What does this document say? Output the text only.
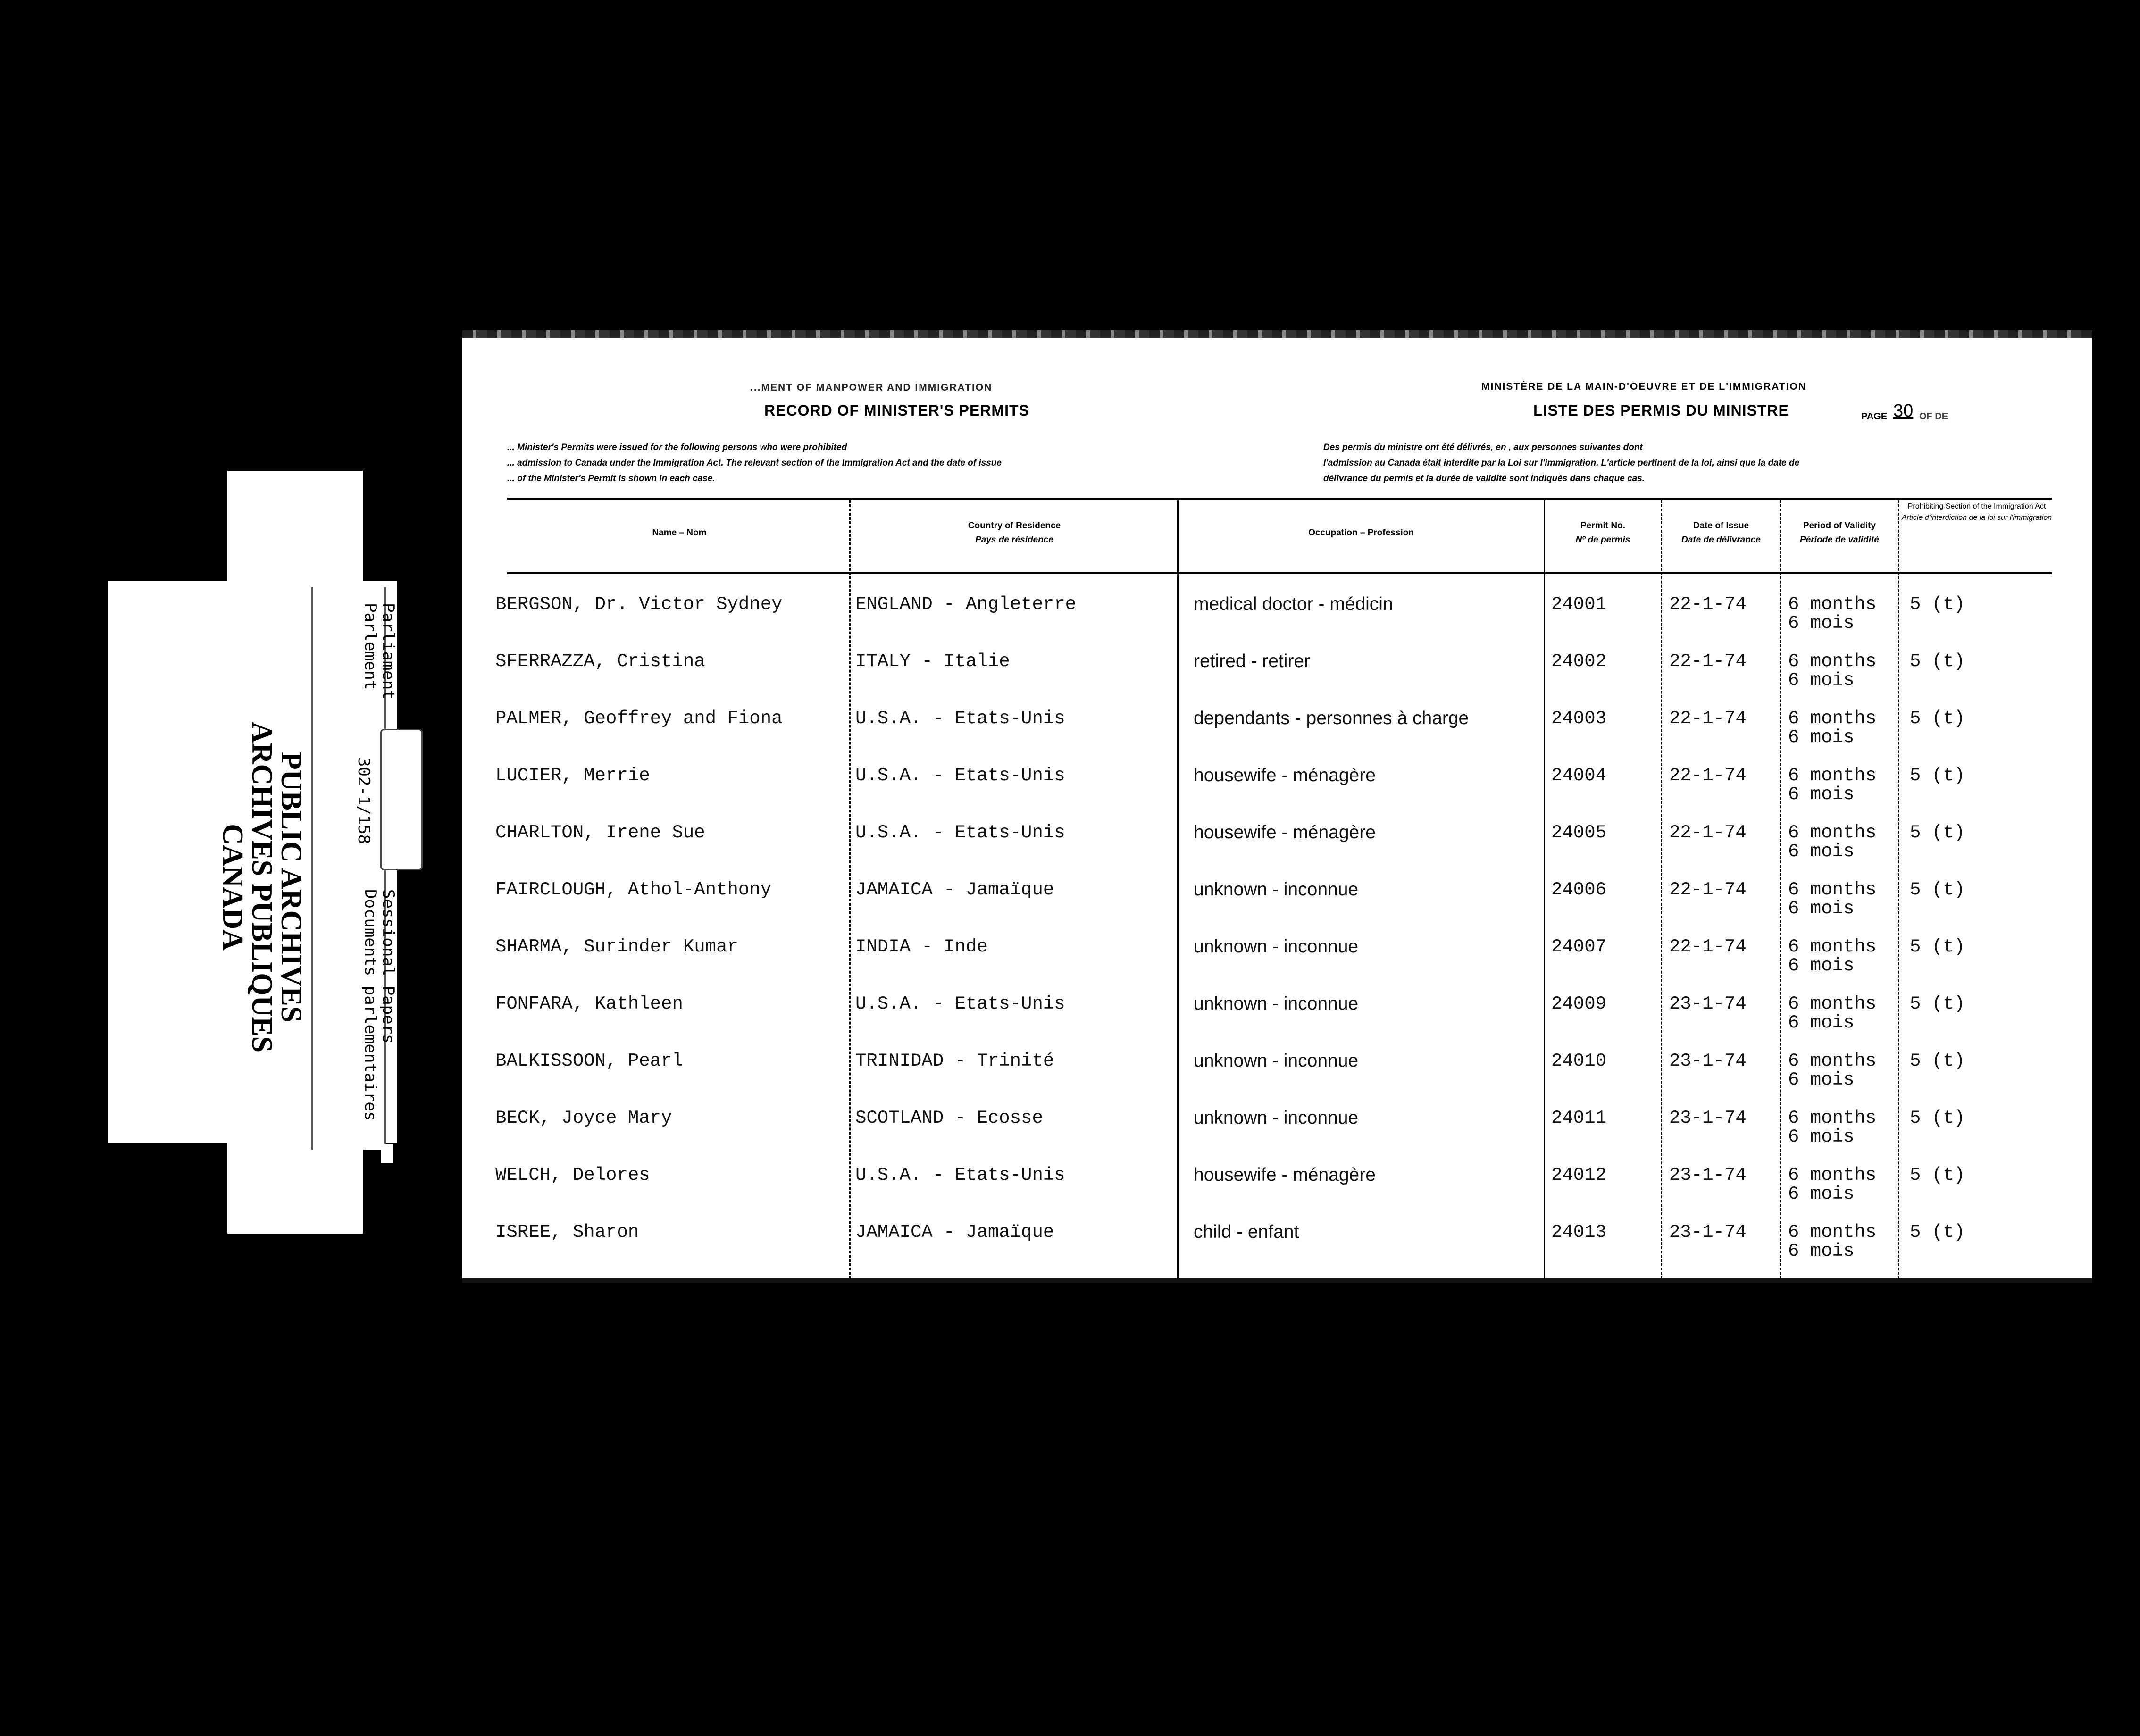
PUBLIC ARCHIVES
ARCHIVES PUBLIQUES
CANADA
Parliament
Parlement
302-1/158
Sessional Papers
Documents parlementaires
...MENT OF MANPOWER AND IMMIGRATION	MINISTÈRE DE LA MAIN-D'OEUVRE ET DE L'IMMIGRATION
RECORD OF MINISTER'S PERMITS	LISTE DES PERMIS DU MINISTRE	PAGE 30 OF DE
... Minister's Permits were issued for the following persons who were prohibited
... admission to Canada under the Immigration Act. The relevant section of the Immigration Act and the date of issue
... of the Minister's Permit is shown in each case.
Des permis du ministre ont été délivrés, en , aux personnes suivantes dont
l'admission au Canada était interdite par la Loi sur l'immigration. L'article pertinent de la loi, ainsi que la date de
délivrance du permis et la durée de validité sont indiqués dans chaque cas.
Name – Nom
Country of Residence
Pays de résidence
Occupation – Profession
Permit No.
Nº de permis
Date of Issue
Date de délivrance
Period of Validity
Période de validité
Prohibiting Section of the Immigration Act
Article d'interdiction de la loi sur l'immigration
BERGSON, Dr. Victor Sydney	ENGLAND - Angleterre	medical doctor - médicin	24001	22-1-74 6 months
6 mois
5 (t)
SFERRAZZA, Cristina	ITALY - Italie	retired - retirer	24002	22-1-74 6 months
6 mois
5 (t)
PALMER, Geoffrey and Fiona	U.S.A. - Etats-Unis	dependants - personnes à charge	24003	22-1-74 6 months
6 mois
5 (t)
LUCIER, Merrie	U.S.A. - Etats-Unis	housewife - ménagère	24004	22-1-74 6 months
6 mois
5 (t)
CHARLTON, Irene Sue	U.S.A. - Etats-Unis	housewife - ménagère	24005	22-1-74 6 months
6 mois
5 (t)
FAIRCLOUGH, Athol-Anthony	JAMAICA - Jamaïque	unknown - inconnue	24006	22-1-74 6 months
6 mois
5 (t)
SHARMA, Surinder Kumar	INDIA - Inde	unknown - inconnue	24007	22-1-74 6 months
6 mois
5 (t)
FONFARA, Kathleen	U.S.A. - Etats-Unis	unknown - inconnue	24009	23-1-74 6 months
6 mois
5 (t)
BALKISSOON, Pearl	TRINIDAD - Trinité	unknown - inconnue	24010	23-1-74 6 months
6 mois
5 (t)
BECK, Joyce Mary	SCOTLAND - Ecosse	unknown - inconnue	24011	23-1-74 6 months
6 mois
5 (t)
WELCH, Delores	U.S.A. - Etats-Unis	housewife - ménagère	24012	23-1-74 6 months
6 mois
5 (t)
ISREE, Sharon	JAMAICA - Jamaïque	child - enfant	24013	23-1-74 6 months
6 mois
5 (t)
